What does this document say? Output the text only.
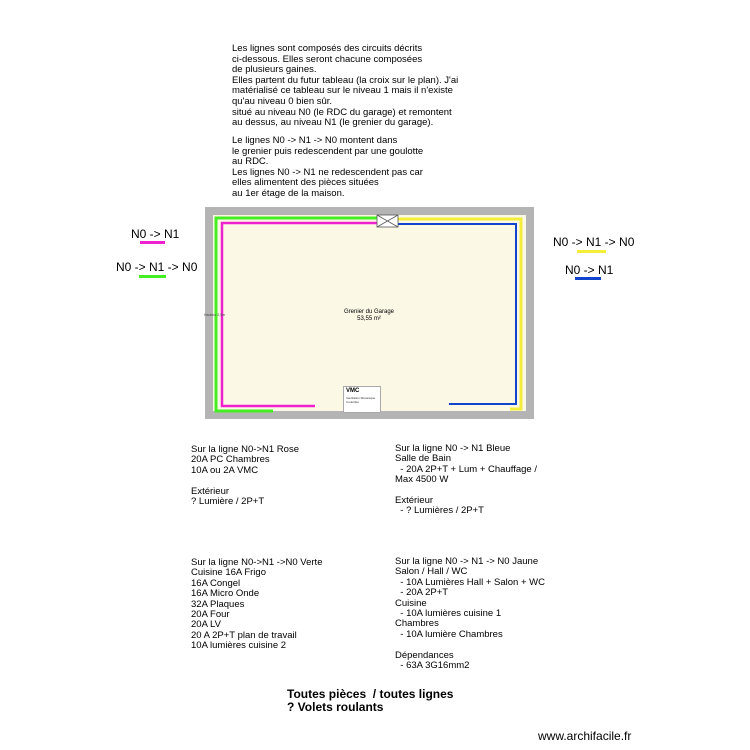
Les lignes sont composés des circuits décrits
ci-dessous. Elles seront chacune composées
de plusieurs gaines.
Elles partent du futur tableau (la croix sur le plan). J'ai
matérialisé ce tableau sur le niveau 1 mais il n'existe
qu'au niveau 0 bien sûr.
situé au niveau N0 (le RDC du garage) et remontent
au dessus, au niveau N1 (le grenier du garage).
Le lignes N0 -> N1 -> N0 montent dans
le grenier puis redescendent par une goulotte
au RDC.
Les lignes N0 -> N1 ne redescendent pas car
elles alimentent des pièces situées
au 1er étage de la maison.
N0 -> N1
N0 -> N1 -> N0
N0 -> N1 -> N0
N0 -> N1
Grenier du Garage
53,55 m²
Hauteur 2,5m
VMC
Ventilation Mécanique
Contrôlée
Sur la ligne N0->N1 Rose
20A PC Chambres
10A ou 2A VMC

Extérieur
? Lumière / 2P+T
Sur la ligne N0 -> N1 Bleue
Salle de Bain
- 20A 2P+T + Lum + Chauffage /
Max 4500 W

Extérieur
- ? Lumières / 2P+T
Sur la ligne N0->N1 ->N0 Verte
Cuisine 16A Frigo
16A Congel
16A Micro Onde
32A Plaques
20A Four
20A LV
20 A 2P+T plan de travail
10A lumières cuisine 2
Sur la ligne N0 -> N1 -> N0 Jaune
Salon / Hall / WC
- 10A Lumières Hall + Salon + WC
- 20A 2P+T
Cuisine
- 10A lumières cuisine 1
Chambres
- 10A lumière Chambres

Dépendances
- 63A 3G16mm2
Toutes pièces  / toutes lignes
? Volets roulants
www.archifacile.fr
